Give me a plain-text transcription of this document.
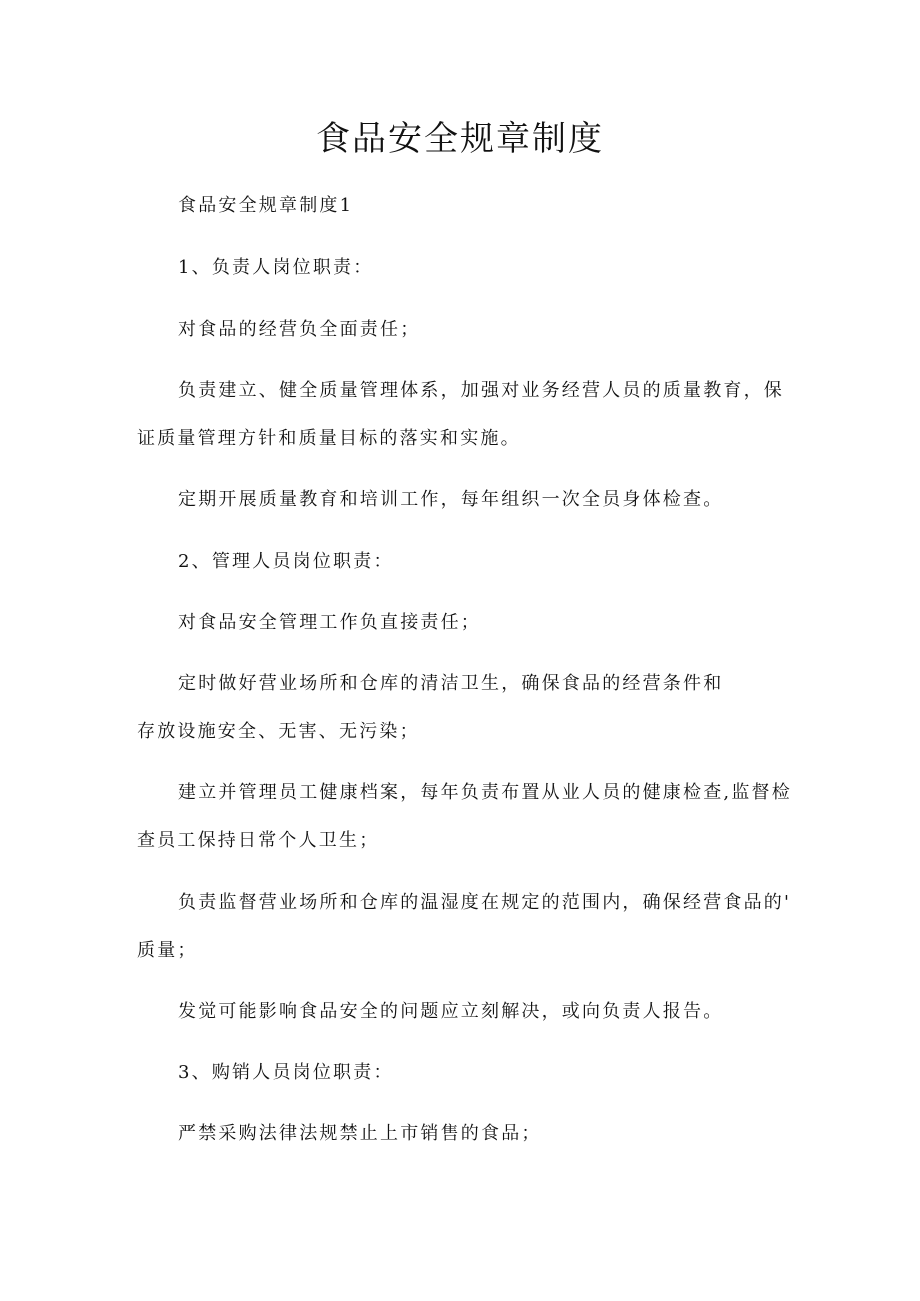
食品安全规章制度

食品安全规章制度1

1、负责人岗位职责：

对食品的经营负全面责任；

负责建立、健全质量管理体系，加强对业务经营人员的质量教育，保

证质量管理方针和质量目标的落实和实施。

定期开展质量教育和培训工作，每年组织一次全员身体检查。

2、管理人员岗位职责：

对食品安全管理工作负直接责任；

定时做好营业场所和仓库的清洁卫生，确保食品的经营条件和

存放设施安全、无害、无污染；

建立并管理员工健康档案，每年负责布置从业人员的健康检查,监督检

查员工保持日常个人卫生；

负责监督营业场所和仓库的温湿度在规定的范围内，确保经营食品的'

质量；

发觉可能影响食品安全的问题应立刻解决，或向负责人报告。

3、购销人员岗位职责：

严禁采购法律法规禁止上市销售的食品；
